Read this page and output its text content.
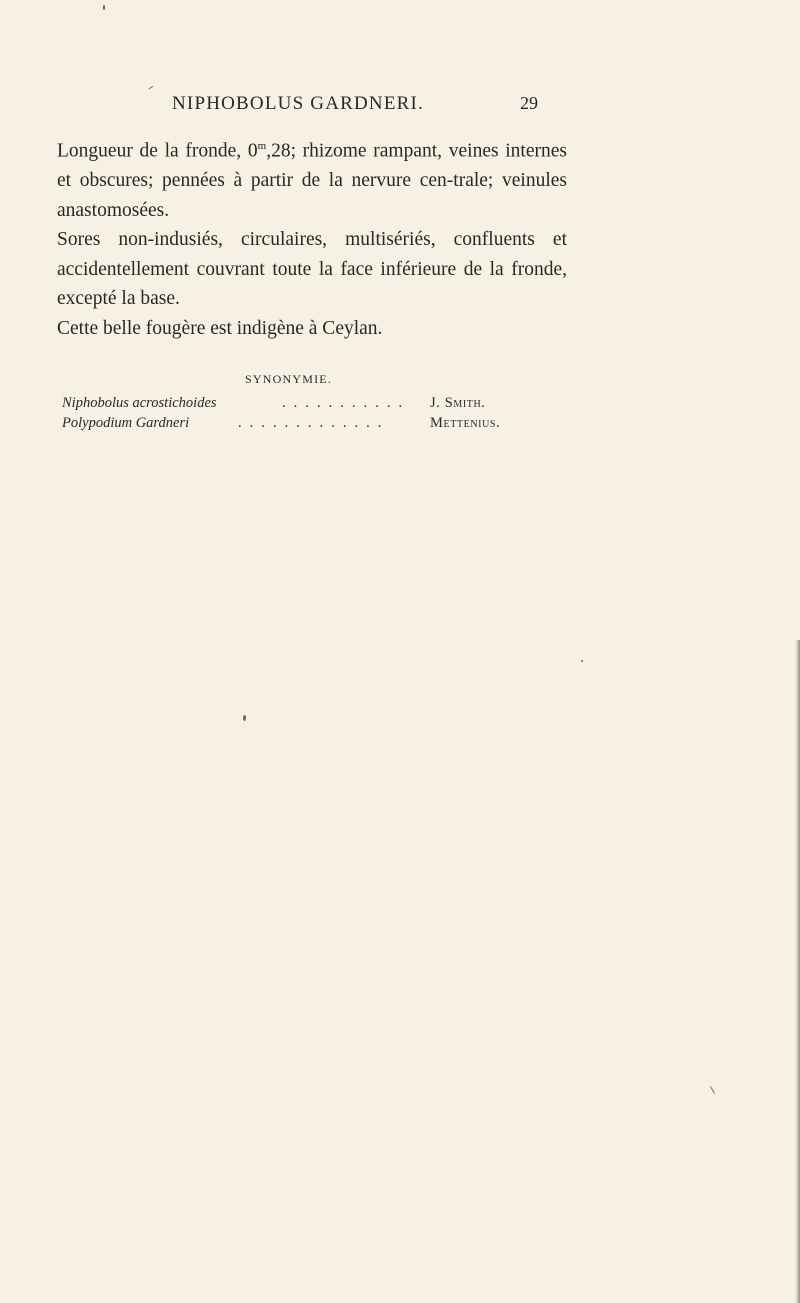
NIPHOBOLUS GARDNERI.	29

Longueur de la fronde, 0$^m$,28; rhizome rampant, veines internes et obscures; pennées à partir de la nervure cen-trale; veinules anastomosées.

Sores non-indusiés, circulaires, multisériés, confluents et accidentellement couvrant toute la face inférieure de la fronde, excepté la base.

Cette belle fougère est indigène à Ceylan.

SYNONYMIE.
Niphobolus acrostichoides	. . . . . . . . . . . J. Smith.
Polypodium Gardneri	. . . . . . . . . . . . .	Mettenius.
